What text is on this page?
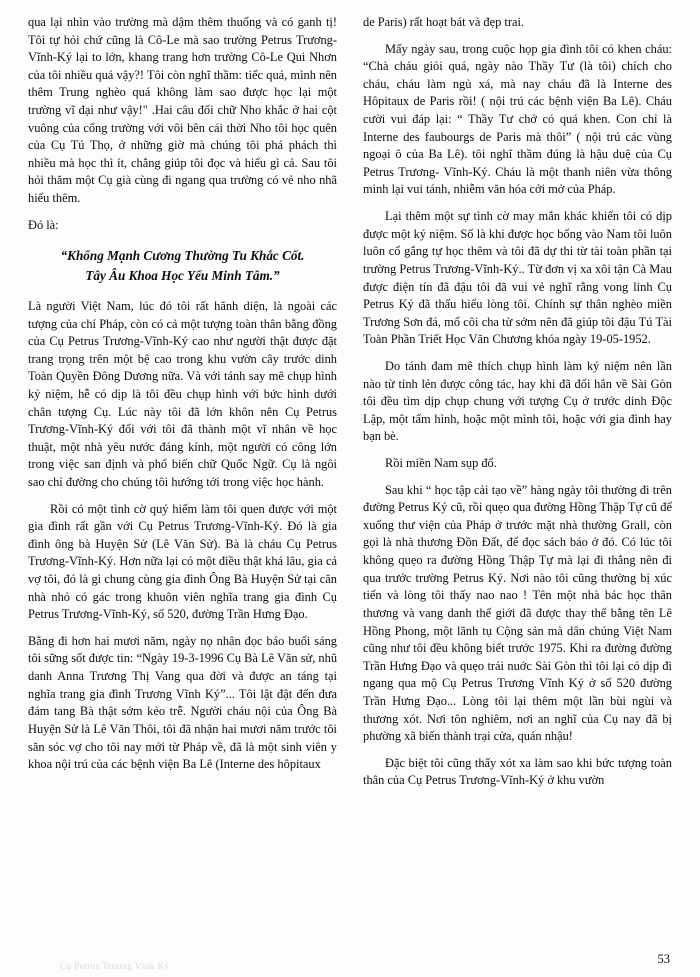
qua lại nhìn vào trường mà dậm thêm thuống và có ganh tị! Tôi tự hỏi chứ cũng là Cô-Le mà sao trường Petrus Trương-Vĩnh-Ký lại to lớn, khang trang hơn trường Cô-Le Qui Nhơn của tôi nhiều quá vậy?! Tôi còn nghĩ thầm: tiếc quá, mình nên thêm Trung nghèo quá không làm sao được học lại một trường vĩ đại như vậy!" .Hai câu đối chữ Nho khắc ở hai cột vuông của cổng trường với vôi bên cái thời Nho tôi học quên của Cụ Tú Thọ, ở những giờ mà chúng tôi phá phách thì nhiều mà học thì ít, chẳng giúp tôi đọc và hiểu gì cả. Sau tôi hỏi thăm một Cụ già cùng đi ngang qua trường có vẻ nho nhã hiểu thêm.

Đó là:

“Khổng Mạnh Cương Thường Tu Khắc Cốt.
Tây Âu Khoa Học Yếu Minh Tâm.”

Là người Việt Nam, lúc đó tôi rất hãnh diện, là ngoài các tượng của chí Pháp, còn có cả một tượng toàn thân bằng đồng của Cụ Petrus Trương-Vĩnh-Ký cao như người thật được đặt trang trọng trên một bệ cao trong khu vườn cây trước dinh Toàn Quyền Đông Dương nữa. Và với tánh say mê chụp hình kỷ niệm, hễ có dịp là tôi đều chụp hình với bức hình dưới chân tượng Cụ. Lúc này tôi đã lớn khôn nên Cụ Petrus Trương-Vĩnh-Ký đối với tôi đã thành một vĩ nhân về học thuật, một nhà yêu nước đáng kính, một người có công lớn trong việc san định và phổ biến chữ Quốc Ngữ. Cụ là ngôi sao chỉ đường cho chúng tôi hướng tới trong việc học hành.

Rồi có một tình cờ quý hiếm làm tôi quen được với một gia đình rất gần với Cụ Petrus Trương-Vĩnh-Ký. Đó là gia đình ông bà Huyện Sử (Lê Văn Sử). Bà là cháu Cụ Petrus Trương-Vĩnh-Ký. Hơn nữa lại có một điều thật khá lâu, gia cả vợ tôi, đó là gì chung cùng gia đình Ông Bà Huyện Sử tại căn nhà nhỏ có gác trong khuôn viên nghĩa trang gia đình Cụ Petrus Trương-Vĩnh-Ký, số 520, đường Trần Hưng Đạo.

Bằng đi hơn hai mươi năm, ngày nọ nhân đọc báo buổi sáng tôi sững sốt được tin: “Ngày 19-3-1996 Cụ Bà Lê Văn sử, nhũ danh Anna Trương Thị Vang qua đời và được an táng tại nghĩa trang gia đình Trương Vĩnh Ký”... Tôi lật đật đến đưa đám tang Bà thật sớm kẻo trễ. Người cháu nội của Ông Bà Huyện Sử là Lê Văn Thôi, tôi đã nhận hai mươi năm trước tôi săn sóc vợ cho tôi nay mới từ Pháp về, đã là một sinh viên y khoa nội trú của các bệnh viện Ba Lê (Interne des hôpitaux

de Paris) rất hoạt bát và đẹp trai.

Mấy ngày sau, trong cuộc họp gia đình tôi có khen cháu: “Chà cháu giỏi quá, ngày nào Thầy Tư (là tôi) chích cho cháu, cháu làm ngủ xá, mà nay cháu đã là Interne des Hôpitaux de Paris rồi! ( nội trú các bệnh viện Ba Lê). Cháu cười vui đáp lại: “ Thầy Tư chớ có quá khen. Con chỉ là Interne des faubourgs de Paris mà thôi” ( nội trú các vùng ngoại ô của Ba Lê). tôi nghĩ thầm đúng là hậu duệ của Cụ Petrus Trương- Vĩnh-Ký. Cháu là một thanh niên vừa thông minh lại vui tánh, nhiễm văn hóa cởi mở của Pháp.

Lại thêm một sự tình cờ may mắn khác khiến tôi có dịp được một ký niệm. Số là khi được học bổng vào Nam tôi luôn luôn cố gắng tự học thêm và tôi đã dự thi từ tài toàn phần tại trường Petrus Trương-Vĩnh-Ký.. Từ đơn vị xa xôi tận Cà Mau được điện tín đã đậu tôi đã vui vẻ nghĩ rằng vong linh Cụ Petrus Ký đã thấu hiểu lòng tôi. Chính sự thân nghèo miền Trương Sơn đá, mổ côi cha từ sớm nên đã giúp tôi đậu Tú Tài Toàn Phần Triết Học Văn Chương khóa ngày 19-05-1952.

Do tánh đam mê thích chụp hình làm ký niệm nên lần nào từ tỉnh lẻn được công tác, hay khi đã đổi hẳn về Sài Gòn tôi đều tìm dịp chụp chung với tượng Cụ ở trước dinh Độc Lập, một tấm hình, hoặc một mình tôi, hoặc với gia đình hay bạn bè.

Rồi miền Nam sụp đổ.

Sau khi “ học tập cải tạo về” hàng ngày tôi thường đi trên đường Petrus Ký cũ, rồi quẹo qua đường Hồng Thập Tự cũ để xuống thư viện của Pháp ở trước mặt nhà thường Grall, còn gọi là nhà thương Đồn Đất, để đọc sách báo ở đó. Có lúc tôi không quẹo ra đường Hồng Thập Tự mà lại đi thẳng nên đi qua trước trường Petrus Ký. Nơi nào tôi cũng thường bị xúc tiến và lòng tôi thấy nao nao ! Tên một nhà bác học thân thương và vang danh thế giới đã được thay thế bằng tên Lê Hồng Phong, một lãnh tụ Cộng sản mà dân chúng Việt Nam cũng như tôi đều không biết trước 1975. Khi ra đường đường Trần Hưng Đạo và quẹo trái nuớc Sài Gòn thì tôi lại có dịp đi ngang qua mộ Cụ Petrus Trương Vĩnh Ký ở số 520 đường Trần Hưng Đạo... Lòng tôi lại thêm một lần bùi ngùi và thương xót. Nơi tôn nghiêm, nơi an nghĩ của Cụ nay đã bị phường xã biến thành trại cửa, quán nhậu!

Đặc biệt tôi cũng thấy xót xa làm sao khi bức tượng toàn thân của Cụ Petrus Trương-Vĩnh-Ký ở khu vườn

Cụ Petrus Trương Vĩnh Ký	53
